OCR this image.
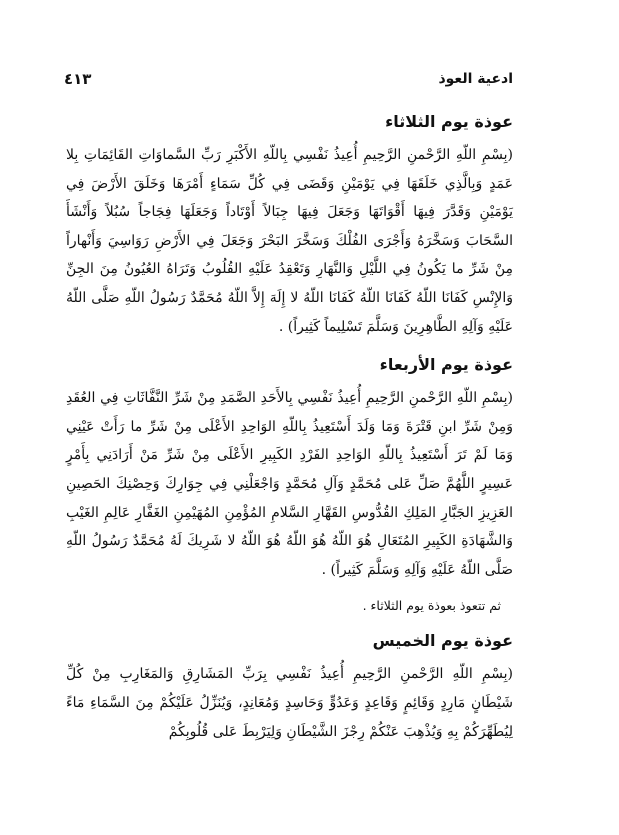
ادعية العوذ
٤١٣
عوذة يوم الثلاثاء

(بِسْمِ اللّهِ الرَّحْمنِ الرَّحِيمِ أُعِيذُ نَفْسِي بِاللّهِ الأَكْبَرِ رَبِّ السَّماوَاتِ القَائِمَاتِ بِلا عَمَدٍ وَبِالَّذِي خَلَقَهَا فِي يَوْمَيْنِ وَقَضَى فِي كُلِّ سَمَاءٍ أَمْرَهَا وَخَلَقَ الأَرْضَ فِي يَوْمَيْنِ وَقَدَّرَ فِيهَا أَقْوَاتَهَا وَجَعَلَ فِيهَا جِبَالاً أَوْتَاداً وَجَعَلَهَا فِجَاجاً سُبُلاً وَأَنْشَأَ السَّحَابَ وَسَخَّرَهُ وَأَجْرَى الفُلْكَ وَسَخَّرَ البَحْرَ وَجَعَلَ فِي الأَرْضِ رَوَاسِيَ وَأَنْهاراً مِنْ شَرِّ ما يَكُونُ فِي اللَّيْلِ وَالنَّهَارِ وَتَعْقِدُ عَلَيْهِ القُلُوبُ وَتَرَاهُ العُيُونُ مِنَ الجِنِّ وَالإِنْسِ كَفَانَا اللّهُ كَفَانَا اللّهُ كَفَانَا اللّهُ لا إِلَهَ إِلاَّ اللّهُ مُحَمَّدٌ رَسُولُ اللّهِ صَلَّى اللّهُ عَلَيْهِ وَآلِهِ الطَّاهِرِينَ وَسَلَّمَ تَسْلِيماً كَثِيراً) .

عوذة يوم الأربعاء

(بِسْمِ اللّهِ الرَّحْمنِ الرَّحِيمِ أُعِيذُ نَفْسِي بِالأَحَدِ الصَّمَدِ مِنْ شَرِّ النَّفَّاثَاتِ فِي العُقَدِ وَمِنْ شَرِّ ابنِ قَتْرَةَ وَمَا وَلَدَ أَسْتَعِيذُ بِاللّهِ الوَاحِدِ الأَعْلَى مِنْ شَرِّ ما رَأَتْ عَيْنِي وَمَا لَمْ تَرَ أَسْتَعِيذُ بِاللّهِ الوَاحِدِ الفَرْدِ الكَبِيرِ الأَعْلَى مِنْ شَرِّ مَنْ أَرَادَنِي بِأَمْرٍ عَسِيرٍ اللَّهُمَّ صَلِّ عَلى مُحَمَّدٍ وَآلِ مُحَمَّدٍ وَاجْعَلْنِي فِي جِوَارِكَ وَحِصْنِكَ الحَصِينِ العَزِيزِ الجَبَّارِ المَلِكِ القُدُّوسِ القَهَّارِ السَّلامِ المُؤْمِنِ المُهَيْمِنِ الغَفَّارِ عَالِمِ الغَيْبِ وَالشَّهَادَةِ الكَبِيرِ المُتَعَالِ هُوَ اللّهُ هُوَ اللّهُ هُوَ اللّهُ لا شَرِيكَ لَهُ مُحَمَّدٌ رَسُولُ اللّهِ صَلَّى اللّهُ عَلَيْهِ وَآلِهِ وَسَلَّمَ كَثِيراً) .

ثم تتعوذ بعوذة يوم الثلاثاء .

عوذة يوم الخميس

(بِسْمِ اللّهِ الرَّحْمنِ الرَّحِيمِ أُعِيذُ نَفْسِي بِرَبِّ المَشَارِقِ وَالمَغَارِبِ مِنْ كُلِّ شَيْطَانٍ مَارِدٍ وَقَائِمٍ وَقَاعِدٍ وَعَدُوٍّ وَحَاسِدٍ وَمُعَانِدٍ، وَيُنَزِّلُ عَلَيْكُمْ مِنَ السَّمَاءِ مَاءً لِيُطَهِّرَكُمْ بِهِ وَيُذْهِبَ عَنْكُمْ رِجْزَ الشَّيْطَانِ وَلِيَرْبِطَ عَلى قُلُوبِكُمْ
